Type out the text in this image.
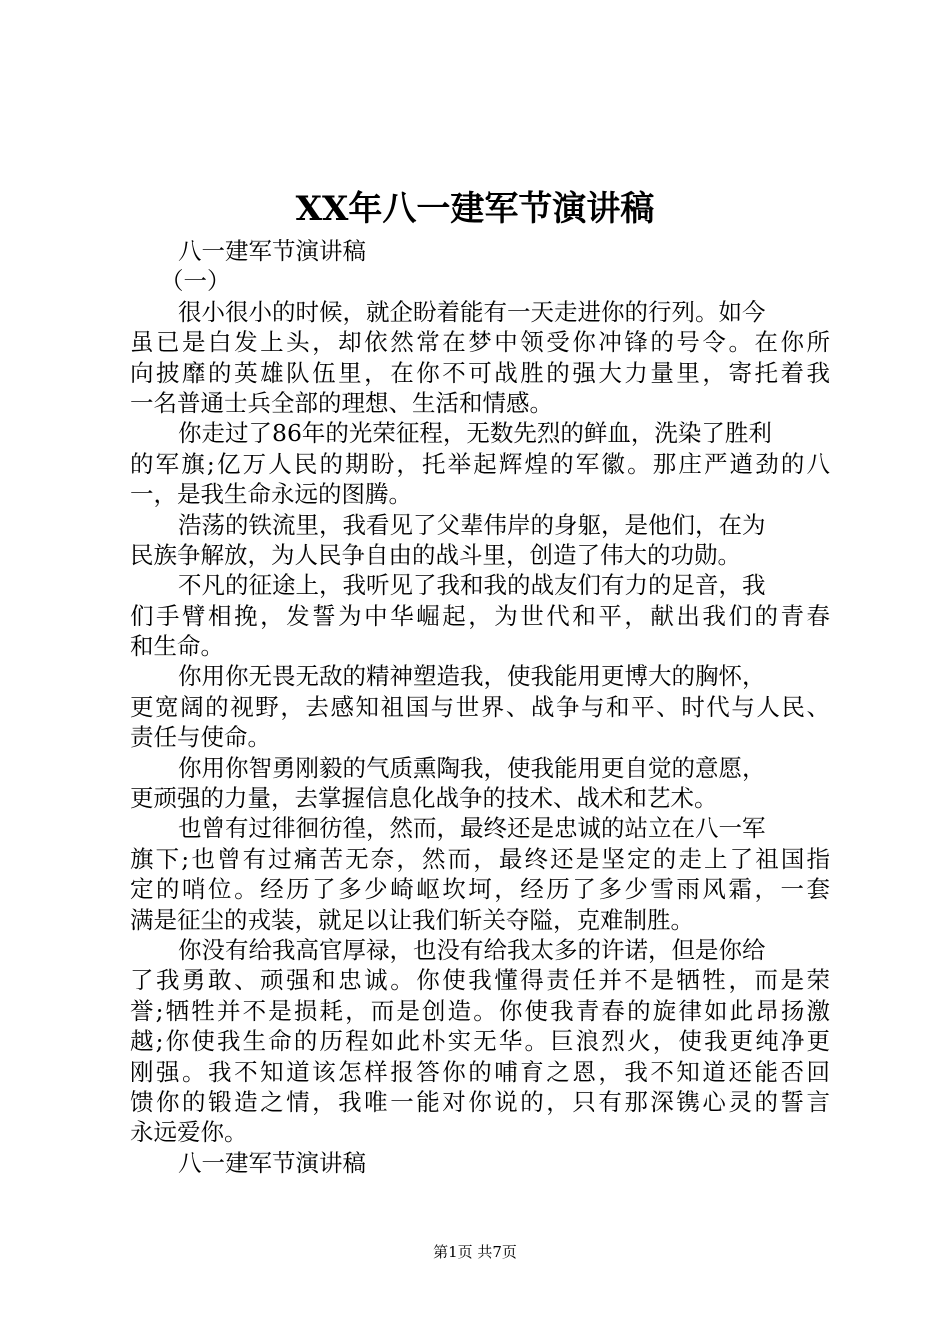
XX年八一建军节演讲稿
八一建军节演讲稿
（一）
很小很小的时候，就企盼着能有一天走进你的行列。如今
虽已是白发上头，却依然常在梦中领受你冲锋的号令。在你所
向披靡的英雄队伍里，在你不可战胜的强大力量里，寄托着我
一名普通士兵全部的理想、生活和情感。
你走过了86年的光荣征程，无数先烈的鲜血，洗染了胜利
的军旗;亿万人民的期盼，托举起辉煌的军徽。那庄严遒劲的八
一，是我生命永远的图腾。
浩荡的铁流里，我看见了父辈伟岸的身躯，是他们，在为
民族争解放，为人民争自由的战斗里，创造了伟大的功勋。
不凡的征途上，我听见了我和我的战友们有力的足音，我
们手臂相挽，发誓为中华崛起，为世代和平，献出我们的青春
和生命。
你用你无畏无敌的精神塑造我，使我能用更博大的胸怀，
更宽阔的视野，去感知祖国与世界、战争与和平、时代与人民、
责任与使命。
你用你智勇刚毅的气质熏陶我，使我能用更自觉的意愿，
更顽强的力量，去掌握信息化战争的技术、战术和艺术。
也曾有过徘徊彷徨，然而，最终还是忠诚的站立在八一军
旗下;也曾有过痛苦无奈，然而，最终还是坚定的走上了祖国指
定的哨位。经历了多少崎岖坎坷，经历了多少雪雨风霜，一套
满是征尘的戎装，就足以让我们斩关夺隘，克难制胜。
你没有给我高官厚禄，也没有给我太多的许诺，但是你给
了我勇敢、顽强和忠诚。你使我懂得责任并不是牺牲，而是荣
誉;牺牲并不是损耗，而是创造。你使我青春的旋律如此昂扬激
越;你使我生命的历程如此朴实无华。巨浪烈火，使我更纯净更
刚强。我不知道该怎样报答你的哺育之恩，我不知道还能否回
馈你的锻造之情，我唯一能对你说的，只有那深镌心灵的誓言
永远爱你。
八一建军节演讲稿
第1页 共7页
